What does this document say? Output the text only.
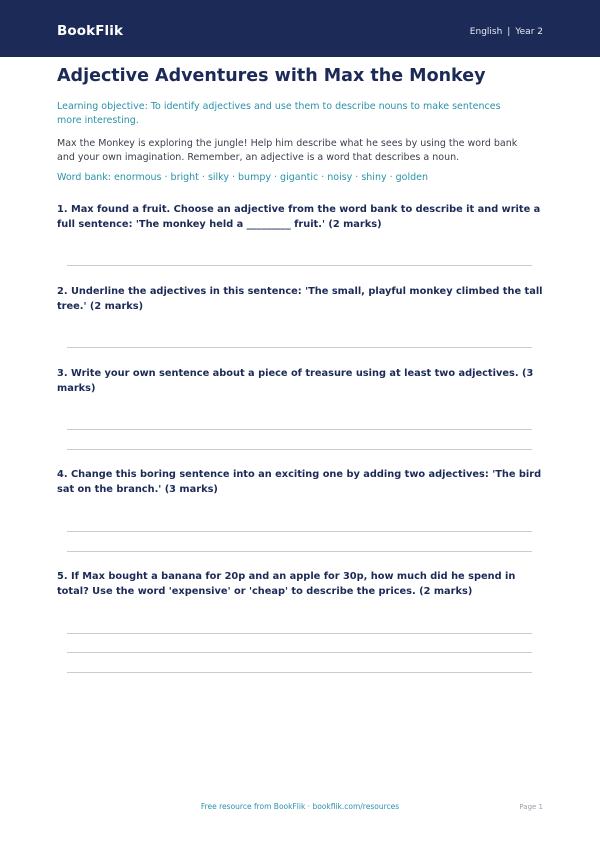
BookFlik	English | Year 2
Adjective Adventures with Max the Monkey

Learning objective: To identify adjectives and use them to describe nouns to make sentences more interesting.

Max the Monkey is exploring the jungle! Help him describe what he sees by using the word bank and your own imagination. Remember, an adjective is a word that describes a noun.

Word bank: enormous · bright · silky · bumpy · gigantic · noisy · shiny · golden

1. Max found a fruit. Choose an adjective from the word bank to describe it and write a full sentence: 'The monkey held a _________ fruit.' (2 marks)

2. Underline the adjectives in this sentence: 'The small, playful monkey climbed the tall tree.' (2 marks)

3. Write your own sentence about a piece of treasure using at least two adjectives. (3 marks)

4. Change this boring sentence into an exciting one by adding two adjectives: 'The bird sat on the branch.' (3 marks)

5. If Max bought a banana for 20p and an apple for 30p, how much did he spend in total? Use the word 'expensive' or 'cheap' to describe the prices. (2 marks)

Free resource from BookFlik · bookflik.com/resources	Page 1
